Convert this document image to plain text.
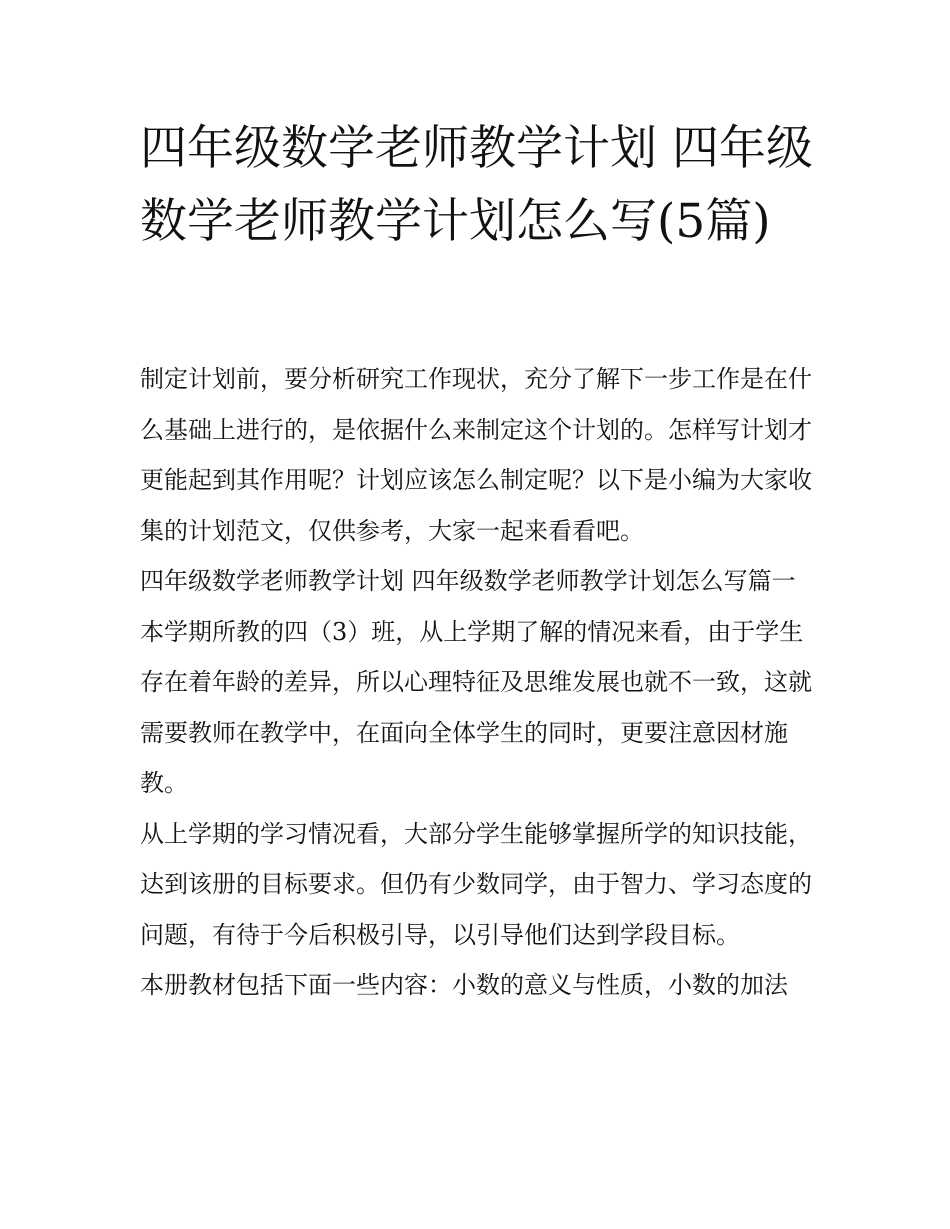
四年级数学老师教学计划 四年级数学老师教学计划怎么写(5篇)

制定计划前，要分析研究工作现状，充分了解下一步工作是在什么基础上进行的，是依据什么来制定这个计划的。怎样写计划才更能起到其作用呢？计划应该怎么制定呢？以下是小编为大家收集的计划范文，仅供参考，大家一起来看看吧。

四年级数学老师教学计划 四年级数学老师教学计划怎么写篇一

本学期所教的四（3）班，从上学期了解的情况来看，由于学生存在着年龄的差异，所以心理特征及思维发展也就不一致，这就需要教师在教学中，在面向全体学生的同时，更要注意因材施教。

从上学期的学习情况看，大部分学生能够掌握所学的知识技能，达到该册的目标要求。但仍有少数同学，由于智力、学习态度的问题，有待于今后积极引导，以引导他们达到学段目标。

本册教材包括下面一些内容：小数的意义与性质，小数的加法
